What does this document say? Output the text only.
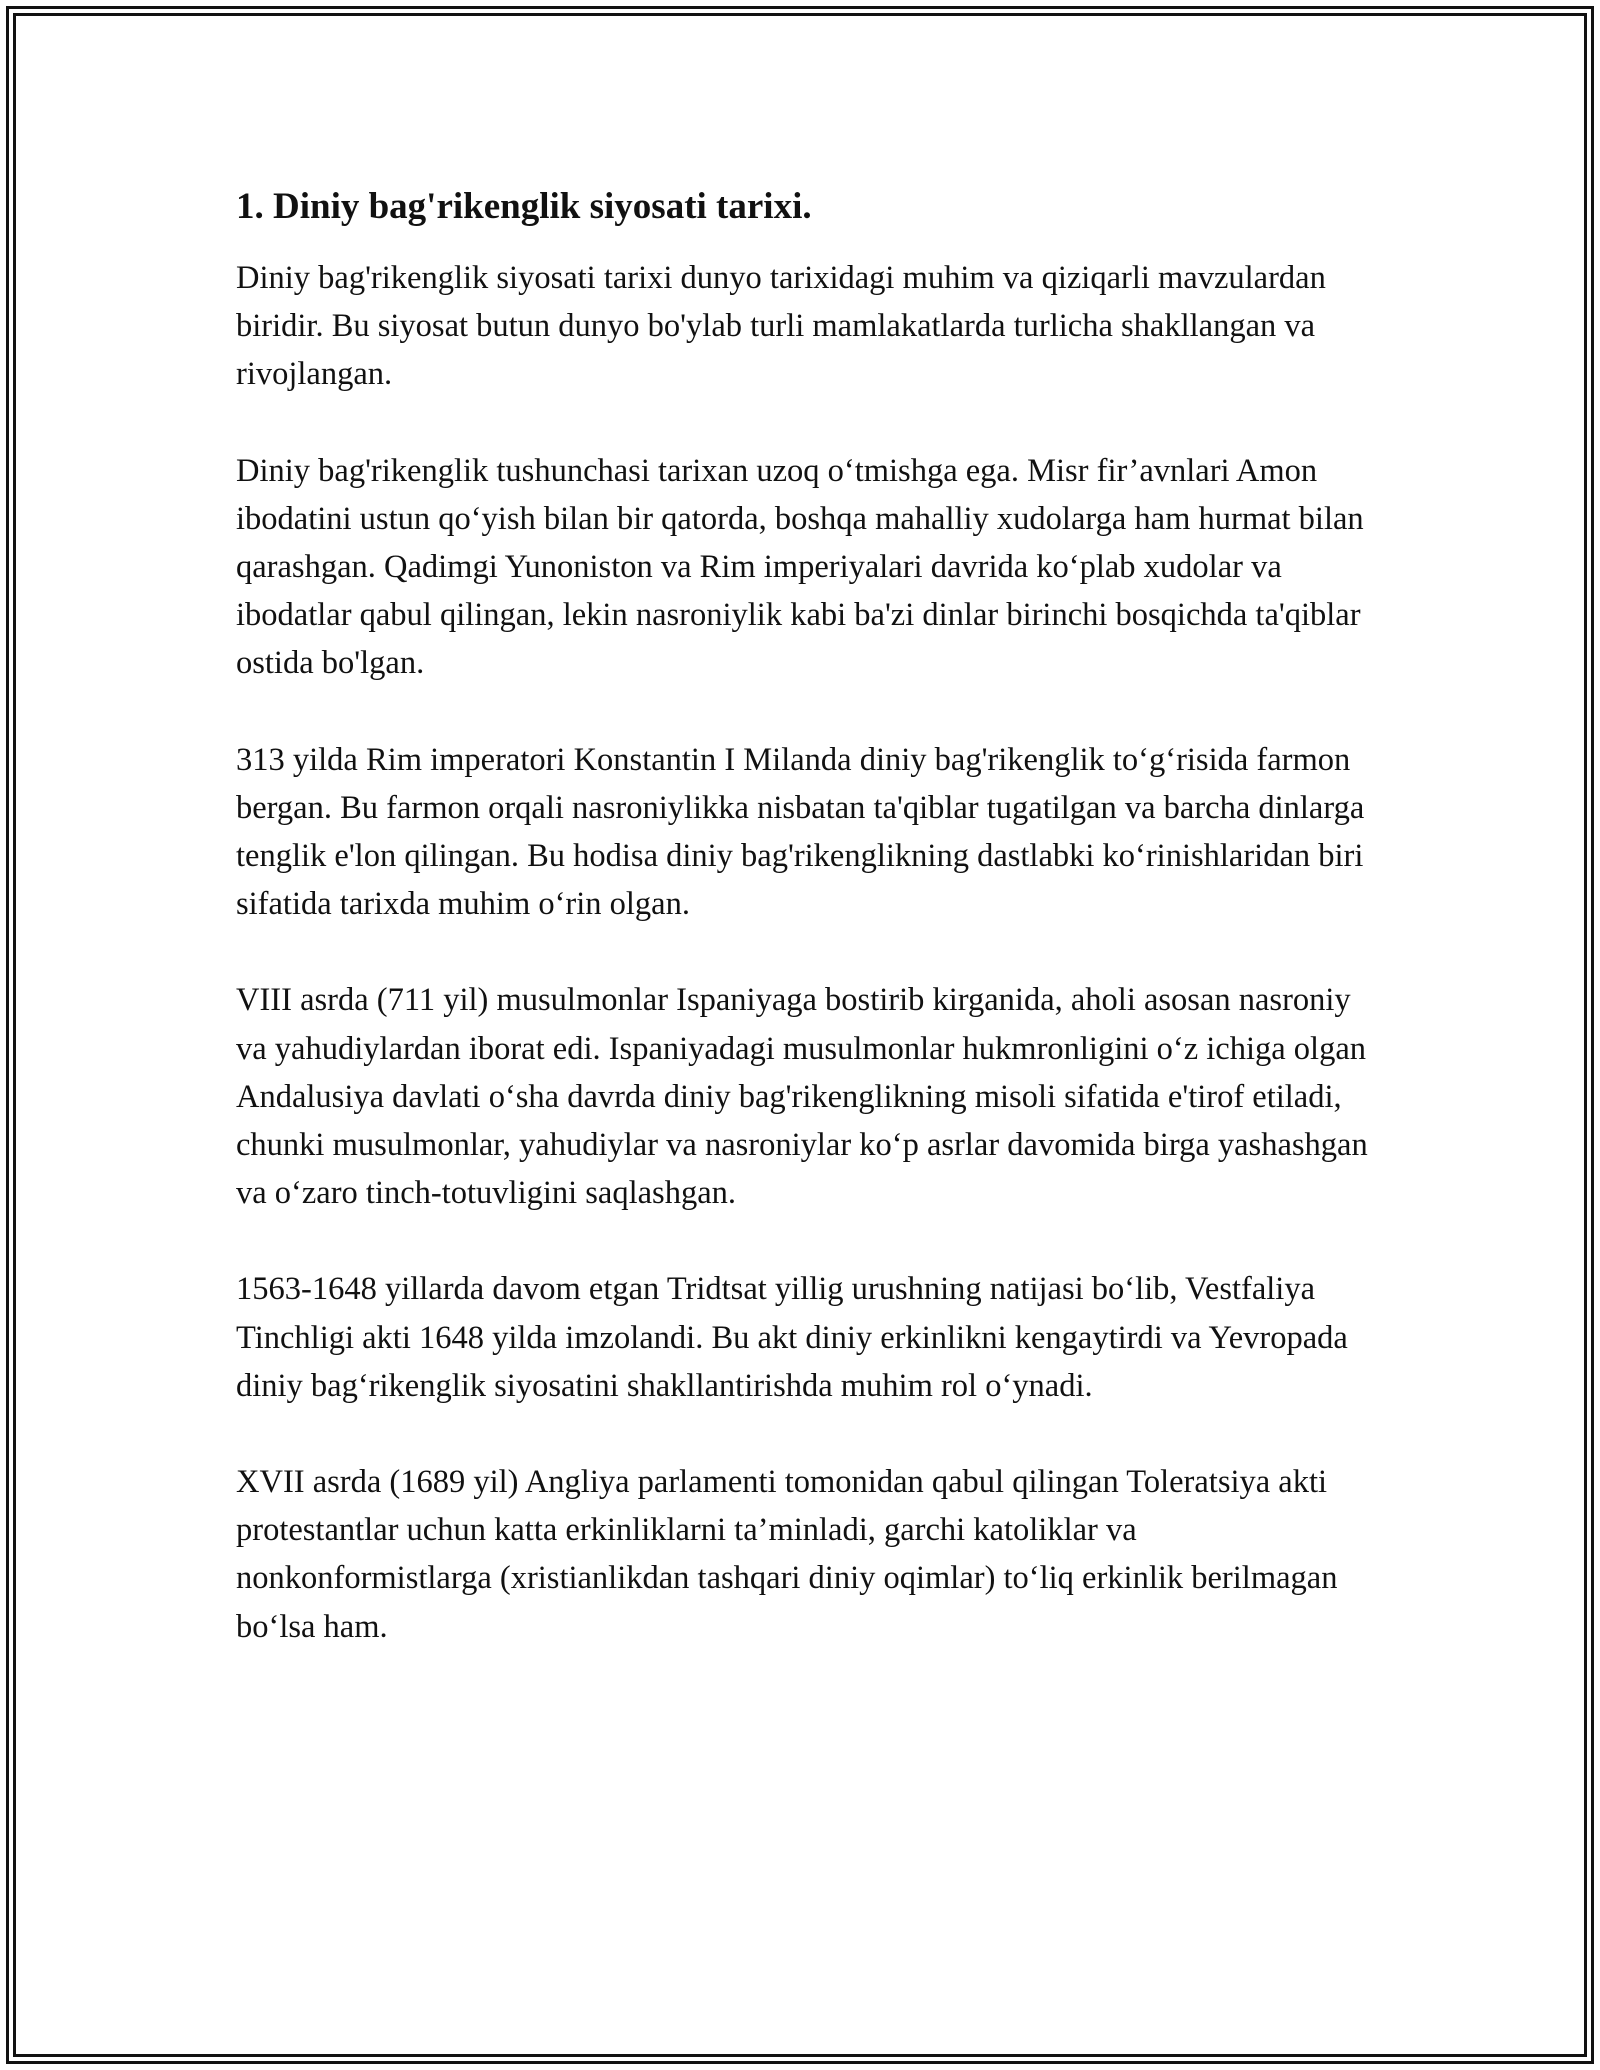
1. Diniy bag'rikenglik siyosati tarixi.

Diniy bag'rikenglik siyosati tarixi dunyo tarixidagi muhim va qiziqarli mavzulardan biridir. Bu siyosat butun dunyo bo'ylab turli mamlakatlarda turlicha shakllangan va rivojlangan.

Diniy bag'rikenglik tushunchasi tarixan uzoq o‘tmishga ega. Misr fir’avnlari Amon ibodatini ustun qo‘yish bilan bir qatorda, boshqa mahalliy xudolarga ham hurmat bilan qarashgan. Qadimgi Yunoniston va Rim imperiyalari davrida ko‘plab xudolar va ibodatlar qabul qilingan, lekin nasroniylik kabi ba'zi dinlar birinchi bosqichda ta'qiblar ostida bo'lgan.

313 yilda Rim imperatori Konstantin I Milanda diniy bag'rikenglik to‘g‘risida farmon bergan. Bu farmon orqali nasroniylikka nisbatan ta'qiblar tugatilgan va barcha dinlarga tenglik e'lon qilingan. Bu hodisa diniy bag'rikenglikning dastlabki ko‘rinishlaridan biri sifatida tarixda muhim o‘rin olgan.

VIII asrda (711 yil) musulmonlar Ispaniyaga bostirib kirganida, aholi asosan nasroniy va yahudiylardan iborat edi. Ispaniyadagi musulmonlar hukmronligini o‘z ichiga olgan Andalusiya davlati o‘sha davrda diniy bag'rikenglikning misoli sifatida e'tirof etiladi, chunki musulmonlar, yahudiylar va nasroniylar ko‘p asrlar davomida birga yashashgan va o‘zaro tinch-totuvligini saqlashgan.

1563-1648 yillarda davom etgan Tridtsat yillig urushning natijasi bo‘lib, Vestfaliya Tinchligi akti 1648 yilda imzolandi. Bu akt diniy erkinlikni kengaytirdi va Yevropada diniy bag‘rikenglik siyosatini shakllantirishda muhim rol o‘ynadi.

XVII asrda (1689 yil) Angliya parlamenti tomonidan qabul qilingan Toleratsiya akti protestantlar uchun katta erkinliklarni ta’minladi, garchi katoliklar va nonkonformistlarga (xristianlikdan tashqari diniy oqimlar) to‘liq erkinlik berilmagan bo‘lsa ham.
